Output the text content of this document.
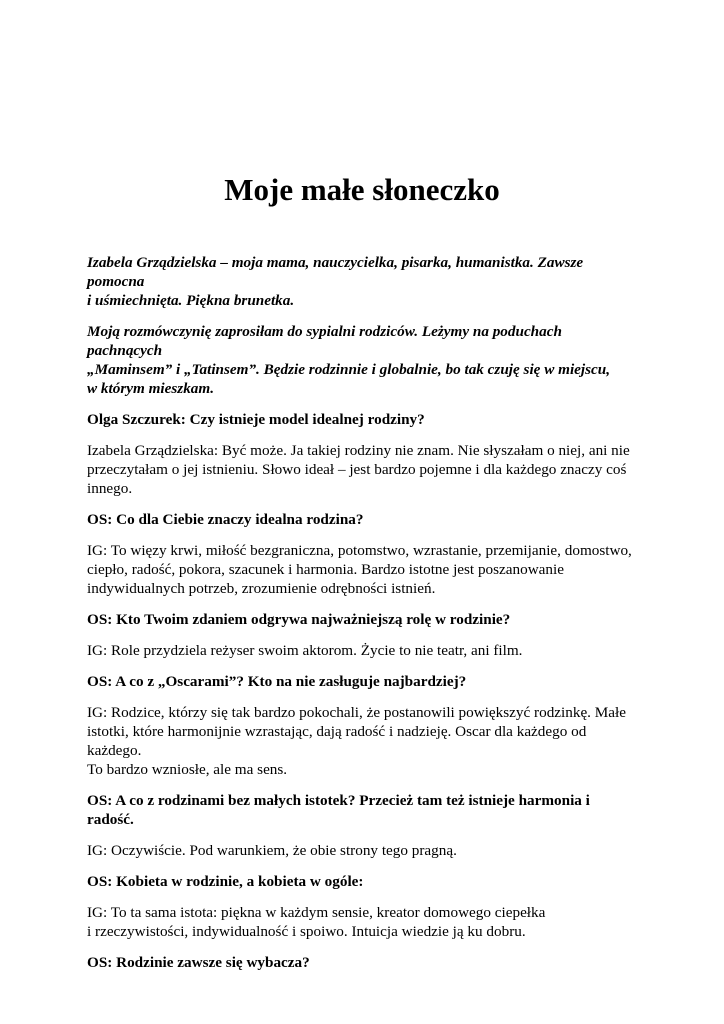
Moje małe słoneczko

Izabela Grządzielska – moja mama, nauczycielka, pisarka, humanistka. Zawsze pomocna
i uśmiechnięta. Piękna brunetka.

Moją rozmówczynię zaprosiłam do sypialni rodziców. Leżymy na poduchach pachnących
„Maminsem” i „Tatinsem”. Będzie rodzinnie i globalnie, bo tak czuję się w miejscu,
w którym mieszkam.

Olga Szczurek: Czy istnieje model idealnej rodziny?

Izabela Grządzielska: Być może. Ja takiej rodziny nie znam. Nie słyszałam o niej, ani nie
przeczytałam o jej istnieniu. Słowo ideał – jest bardzo pojemne i dla każdego znaczy coś
innego.

OS: Co dla Ciebie znaczy idealna rodzina?

IG: To więzy krwi, miłość bezgraniczna, potomstwo, wzrastanie, przemijanie, domostwo,
ciepło, radość, pokora, szacunek i harmonia. Bardzo istotne jest poszanowanie
indywidualnych potrzeb, zrozumienie odrębności istnień.

OS: Kto Twoim zdaniem odgrywa najważniejszą rolę w rodzinie?

IG: Role przydziela reżyser swoim aktorom. Życie to nie teatr, ani film.

OS: A co z „Oscarami”? Kto na nie zasługuje najbardziej?

IG: Rodzice, którzy się tak bardzo pokochali, że postanowili powiększyć rodzinkę. Małe
istotki, które harmonijnie wzrastając, dają radość i nadzieję. Oscar dla każdego od każdego.
To bardzo wzniosłe, ale ma sens.

OS: A co z rodzinami bez małych istotek? Przecież tam też istnieje harmonia i radość.

IG: Oczywiście. Pod warunkiem, że obie strony tego pragną.

OS: Kobieta w rodzinie, a kobieta w ogóle:

IG: To ta sama istota: piękna w każdym sensie, kreator domowego ciepełka
i rzeczywistości, indywidualność i spoiwo. Intuicja wiedzie ją ku dobru.

OS: Rodzinie zawsze się wybacza?
